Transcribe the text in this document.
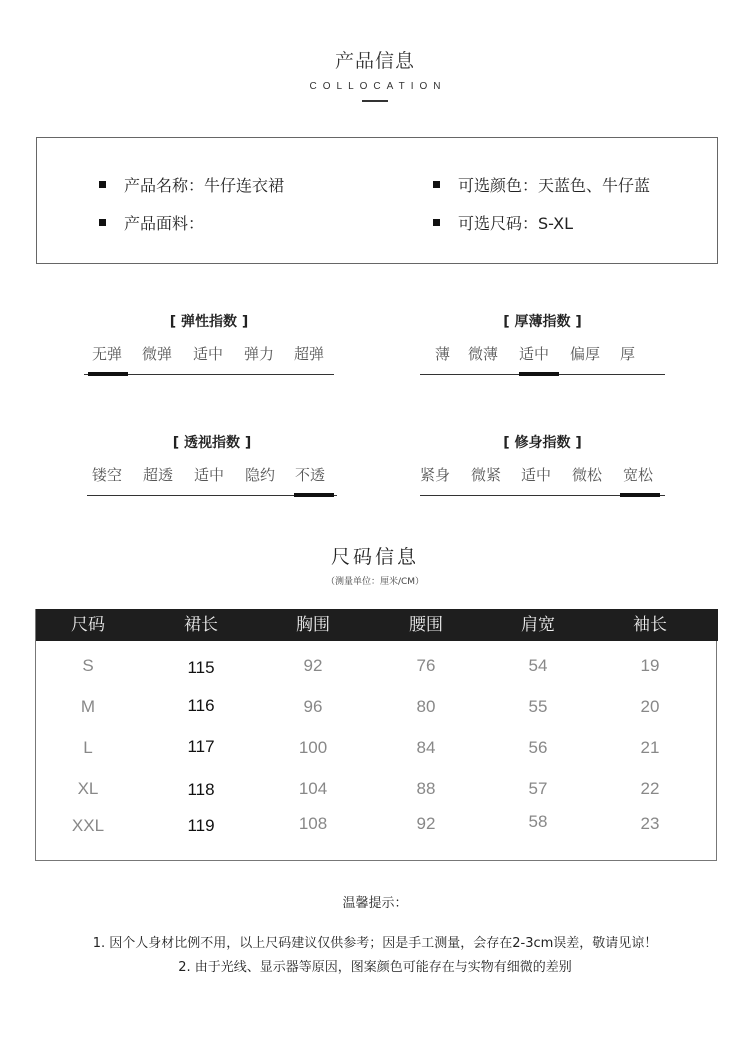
产品信息
COLLOCATION
产品名称：牛仔连衣裙
产品面料：
可选颜色：天蓝色、牛仔蓝
可选尺码：S-XL
[ 弹性指数 ]
无弹 微弹 适中 弹力 超弹
[ 厚薄指数 ]
薄 微薄 适中 偏厚 厚
[ 透视指数 ]
镂空 超透 适中 隐约 不透
[ 修身指数 ]
紧身 微紧 适中 微松 宽松
尺码信息
（测量单位：厘米/CM）
尺码	裙长	胸围	腰围	肩宽	袖长
S	115	92	76	54	19
M	116	96	80	55	20
L	117	100	84	56	21
XL	118	104	88	57	22
XXL	119	108	92	58	23
温馨提示：
1. 因个人身材比例不用，以上尺码建议仅供参考；因是手工测量，会存在2-3cm误差，敬请见谅！
2. 由于光线、显示器等原因，图案颜色可能存在与实物有细微的差别
